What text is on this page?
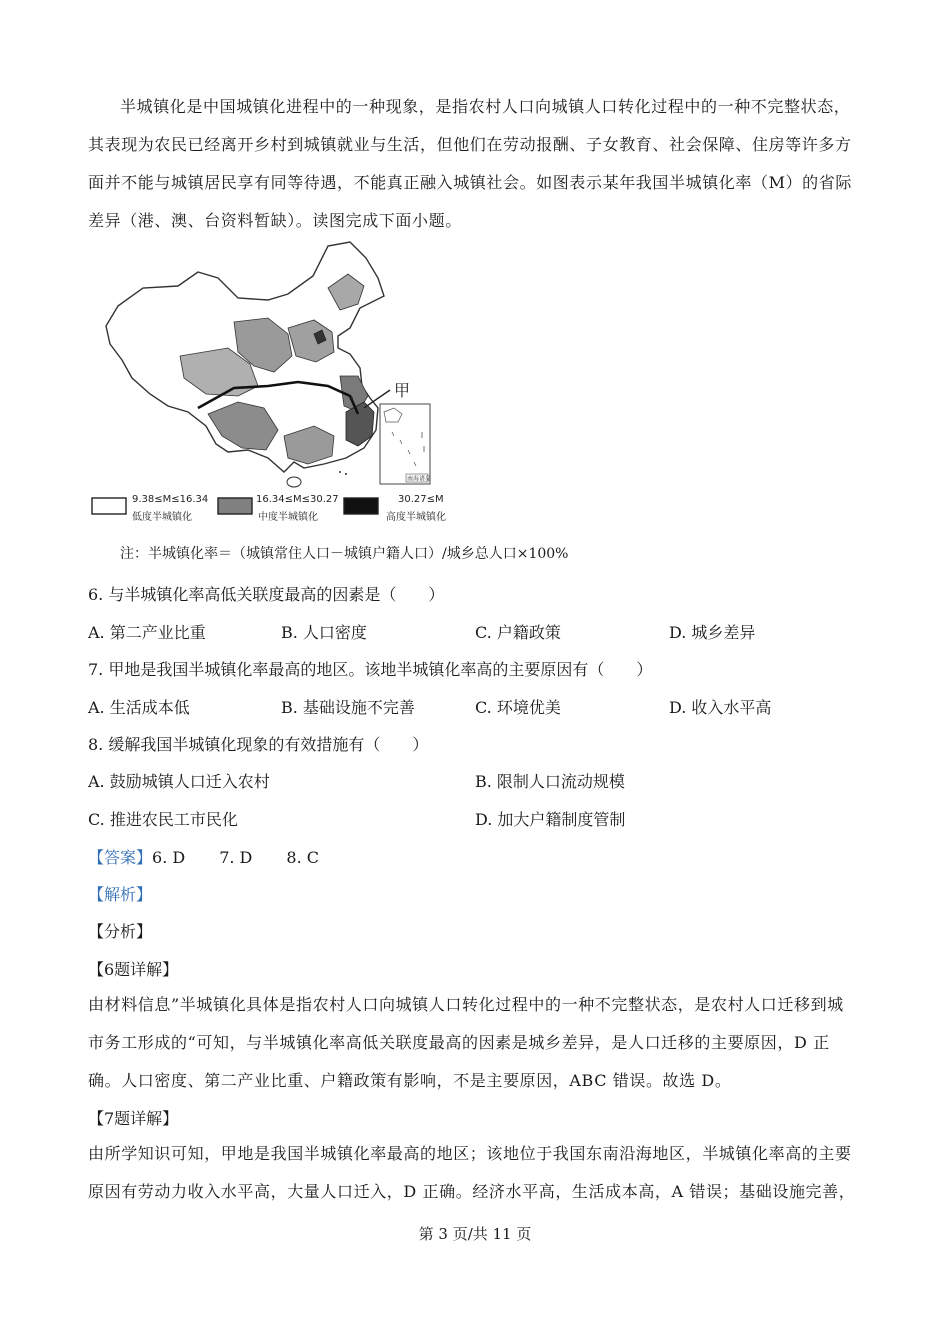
半城镇化是中国城镇化进程中的一种现象，是指农村人口向城镇人口转化过程中的一种不完整状态，
其表现为农民已经离开乡村到城镇就业与生活，但他们在劳动报酬、子女教育、社会保障、住房等许多方
面并不能与城镇居民享有同等待遇，不能真正融入城镇社会。如图表示某年我国半城镇化率（M）的省际
差异（港、澳、台资料暂缺）。读图完成下面小题。
甲
南海诸岛
9.38≤M≤16.34
低度半城镇化
16.34≤M≤30.27
中度半城镇化
30.27≤M
高度半城镇化
注：半城镇化率＝（城镇常住人口－城镇户籍人口）/城乡总人口×100%
6. 与半城镇化率高低关联度最高的因素是（　　）
A. 第二产业比重	B. 人口密度	C. 户籍政策	D. 城乡差异
7. 甲地是我国半城镇化率最高的地区。该地半城镇化率高的主要原因有（　　）
A. 生活成本低	B. 基础设施不完善	C. 环境优美	D. 收入水平高
8. 缓解我国半城镇化现象的有效措施有（　　）
A. 鼓励城镇人口迁入农村	B. 限制人口流动规模
C. 推进农民工市民化	D. 加大户籍制度管制
【答案】6. D 7. D 8. C
【解析】
【分析】
【6题详解】
由材料信息”半城镇化具体是指农村人口向城镇人口转化过程中的一种不完整状态，是农村人口迁移到城
市务工形成的“可知，与半城镇化率高低关联度最高的因素是城乡差异，是人口迁移的主要原因，D 正
确。人口密度、第二产业比重、户籍政策有影响，不是主要原因，ABC 错误。故选 D。
【7题详解】
由所学知识可知，甲地是我国半城镇化率最高的地区；该地位于我国东南沿海地区，半城镇化率高的主要
原因有劳动力收入水平高，大量人口迁入，D 正确。经济水平高，生活成本高，A 错误；基础设施完善，
第 3 页/共 11 页
